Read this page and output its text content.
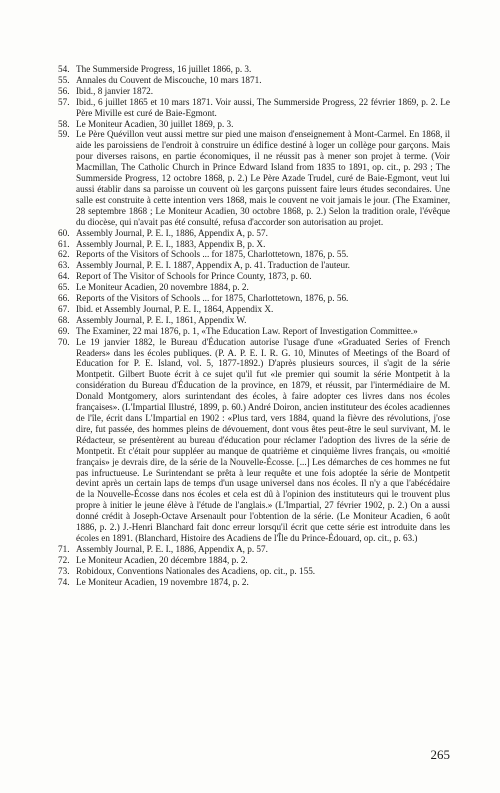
54. The Summerside Progress, 16 juillet 1866, p. 3.
55. Annales du Couvent de Miscouche, 10 mars 1871.
56. Ibid., 8 janvier 1872.
57. Ibid., 6 juillet 1865 et 10 mars 1871. Voir aussi, The Summerside Progress, 22 février 1869, p. 2. Le Père Miville est curé de Baie-Egmont.
58. Le Moniteur Acadien, 30 juillet 1869, p. 3.
59. Le Père Quévillon veut aussi mettre sur pied une maison d'enseignement à Mont-Carmel. En 1868, il aide les paroissiens de l'endroit à construire un édifice destiné à loger un collège pour garçons. Mais pour diverses raisons, en partie économiques, il ne réussit pas à mener son projet à terme. (Voir Macmillan, The Catholic Church in Prince Edward Island from 1835 to 1891, op. cit., p. 293 ; The Summerside Progress, 12 octobre 1868, p. 2.) Le Père Azade Trudel, curé de Baie-Egmont, veut lui aussi établir dans sa paroisse un couvent où les garçons puissent faire leurs études secondaires. Une salle est construite à cette intention vers 1868, mais le couvent ne voit jamais le jour. (The Examiner, 28 septembre 1868 ; Le Moniteur Acadien, 30 octobre 1868, p. 2.) Selon la tradition orale, l'évêque du diocèse, qui n'avait pas été consulté, refusa d'accorder son autorisation au projet.
60. Assembly Journal, P. E. I., 1886, Appendix A, p. 57.
61. Assembly Journal, P. E. I., 1883, Appendix B, p. X.
62. Reports of the Visitors of Schools ... for 1875, Charlottetown, 1876, p. 55.
63. Assembly Journal, P. E. I. 1887, Appendix A, p. 41. Traduction de l'auteur.
64. Report of The Visitor of Schools for Prince County, 1873, p. 60.
65. Le Moniteur Acadien, 20 novembre 1884, p. 2.
66. Reports of the Visitors of Schools ... for 1875, Charlottetown, 1876, p. 56.
67. Ibid. et Assembly Journal, P. E. I., 1864, Appendix X.
68. Assembly Journal, P. E. I., 1861, Appendix W.
69. The Examiner, 22 mai 1876, p. 1, «The Education Law. Report of Investigation Committee.»
70. Le 19 janvier 1882, le Bureau d'Éducation autorise l'usage d'une «Graduated Series of French Readers» dans les écoles publiques. (P. A. P. E. I. R. G. 10, Minutes of Meetings of the Board of Education for P. E. Island, vol. 5, 1877-1892.) D'après plusieurs sources, il s'agit de la série Montpetit. Gilbert Buote écrit à ce sujet qu'il fut «le premier qui soumit la série Montpetit à la considération du Bureau d'Éducation de la province, en 1879, et réussit, par l'intermédiaire de M. Donald Montgomery, alors surintendant des écoles, à faire adopter ces livres dans nos écoles françaises». (L'Impartial Illustré, 1899, p. 60.) André Doiron, ancien instituteur des écoles acadiennes de l'île, écrit dans L'Impartial en 1902 : «Plus tard, vers 1884, quand la fièvre des révolutions, j'ose dire, fut passée, des hommes pleins de dévouement, dont vous êtes peut-être le seul survivant, M. le Rédacteur, se présentèrent au bureau d'éducation pour réclamer l'adoption des livres de la série de Montpetit. Et c'était pour suppléer au manque de quatrième et cinquième livres français, ou «moitié français» je devrais dire, de la série de la Nouvelle-Écosse. [...] Les démarches de ces hommes ne fut pas infructueuse. Le Surintendant se prêta à leur requête et une fois adoptée la série de Montpetit devint après un certain laps de temps d'un usage universel dans nos écoles. Il n'y a que l'abécédaire de la Nouvelle-Écosse dans nos écoles et cela est dû à l'opinion des instituteurs qui le trouvent plus propre à initier le jeune élève à l'étude de l'anglais.» (L'Impartial, 27 février 1902, p. 2.) On a aussi donné crédit à Joseph-Octave Arsenault pour l'obtention de la série. (Le Moniteur Acadien, 6 août 1886, p. 2.) J.-Henri Blanchard fait donc erreur lorsqu'il écrit que cette série est introduite dans les écoles en 1891. (Blanchard, Histoire des Acadiens de l'Île du Prince-Édouard, op. cit., p. 63.)
71. Assembly Journal, P. E. I., 1886, Appendix A, p. 57.
72. Le Moniteur Acadien, 20 décembre 1884, p. 2.
73. Robidoux, Conventions Nationales des Acadiens, op. cit., p. 155.
74. Le Moniteur Acadien, 19 novembre 1874, p. 2.
265
